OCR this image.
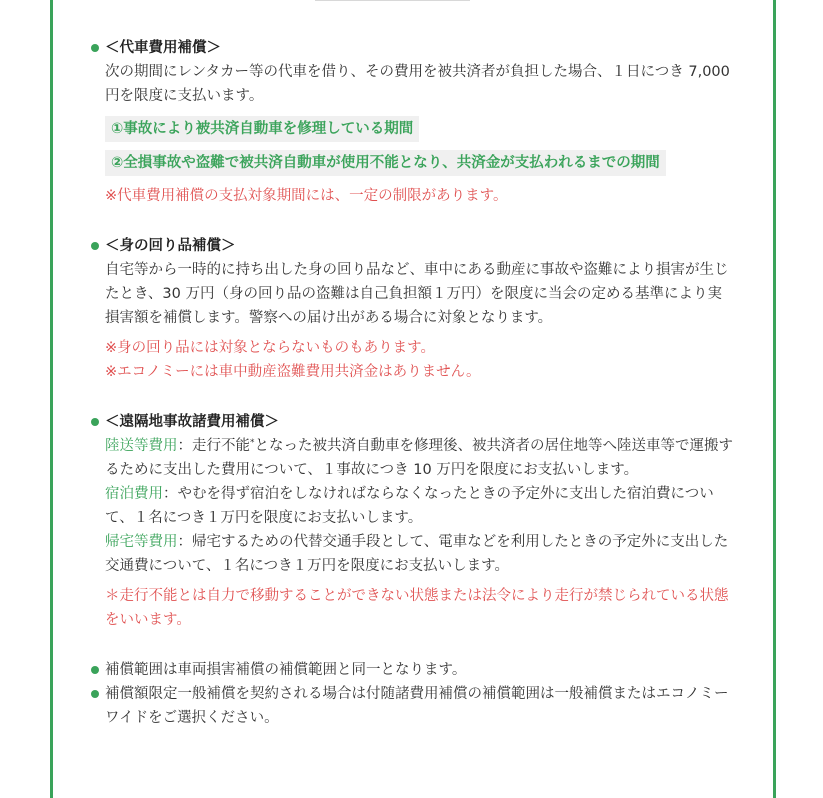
＜代車費用補償＞
次の期間にレンタカー等の代車を借り、その費用を被共済者が負担した場合、１日につき 7,000 円を限度に支払います。
①事故により被共済自動車を修理している期間
②全損事故や盗難で被共済自動車が使用不能となり、共済金が支払われるまでの期間
※代車費用補償の支払対象期間には、一定の制限があります。
＜身の回り品補償＞
自宅等から一時的に持ち出した身の回り品など、車中にある動産に事故や盗難により損害が生じたとき、30 万円（身の回り品の盗難は自己負担額１万円）を限度に当会の定める基準により実損害額を補償します。警察への届け出がある場合に対象となります。
※身の回り品には対象とならないものもあります。
※エコノミーには車中動産盗難費用共済金はありません。
＜遠隔地事故諸費用補償＞
陸送等費用：走行不能*となった被共済自動車を修理後、被共済者の居住地等へ陸送車等で運搬するために支出した費用について、１事故につき 10 万円を限度にお支払いします。
宿泊費用：やむを得ず宿泊をしなければならなくなったときの予定外に支出した宿泊費について、１名につき１万円を限度にお支払いします。
帰宅等費用：帰宅するための代替交通手段として、電車などを利用したときの予定外に支出した交通費について、１名につき１万円を限度にお支払いします。
＊走行不能とは自力で移動することができない状態または法令により走行が禁じられている状態をいいます。
補償範囲は車両損害補償の補償範囲と同一となります。
補償額限定一般補償を契約される場合は付随諸費用補償の補償範囲は一般補償またはエコノミーワイドをご選択ください。
